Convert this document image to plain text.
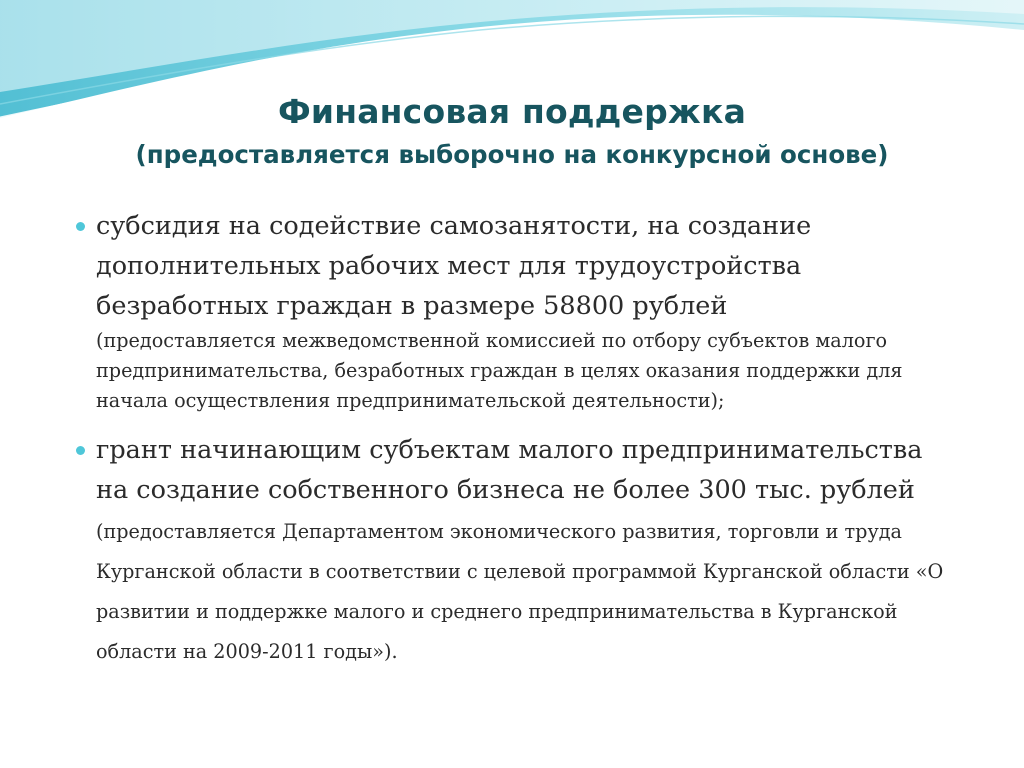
Финансовая поддержка
(предоставляется выборочно на конкурсной основе)
субсидия на содействие самозанятости, на создание дополнительных рабочих мест для трудоустройства безработных граждан в размере 58800 рублей
(предоставляется межведомственной комиссией по отбору субъектов малого предпринимательства, безработных граждан в целях оказания поддержки для начала осуществления предпринимательской деятельности);
грант начинающим субъектам малого предпринимательства на создание собственного бизнеса не более 300 тыс. рублей (предоставляется Департаментом экономического развития, торговли и труда Курганской области в соответствии с целевой программой Курганской области «О развитии и поддержке малого и среднего предпринимательства в Курганской области на 2009-2011 годы»).
